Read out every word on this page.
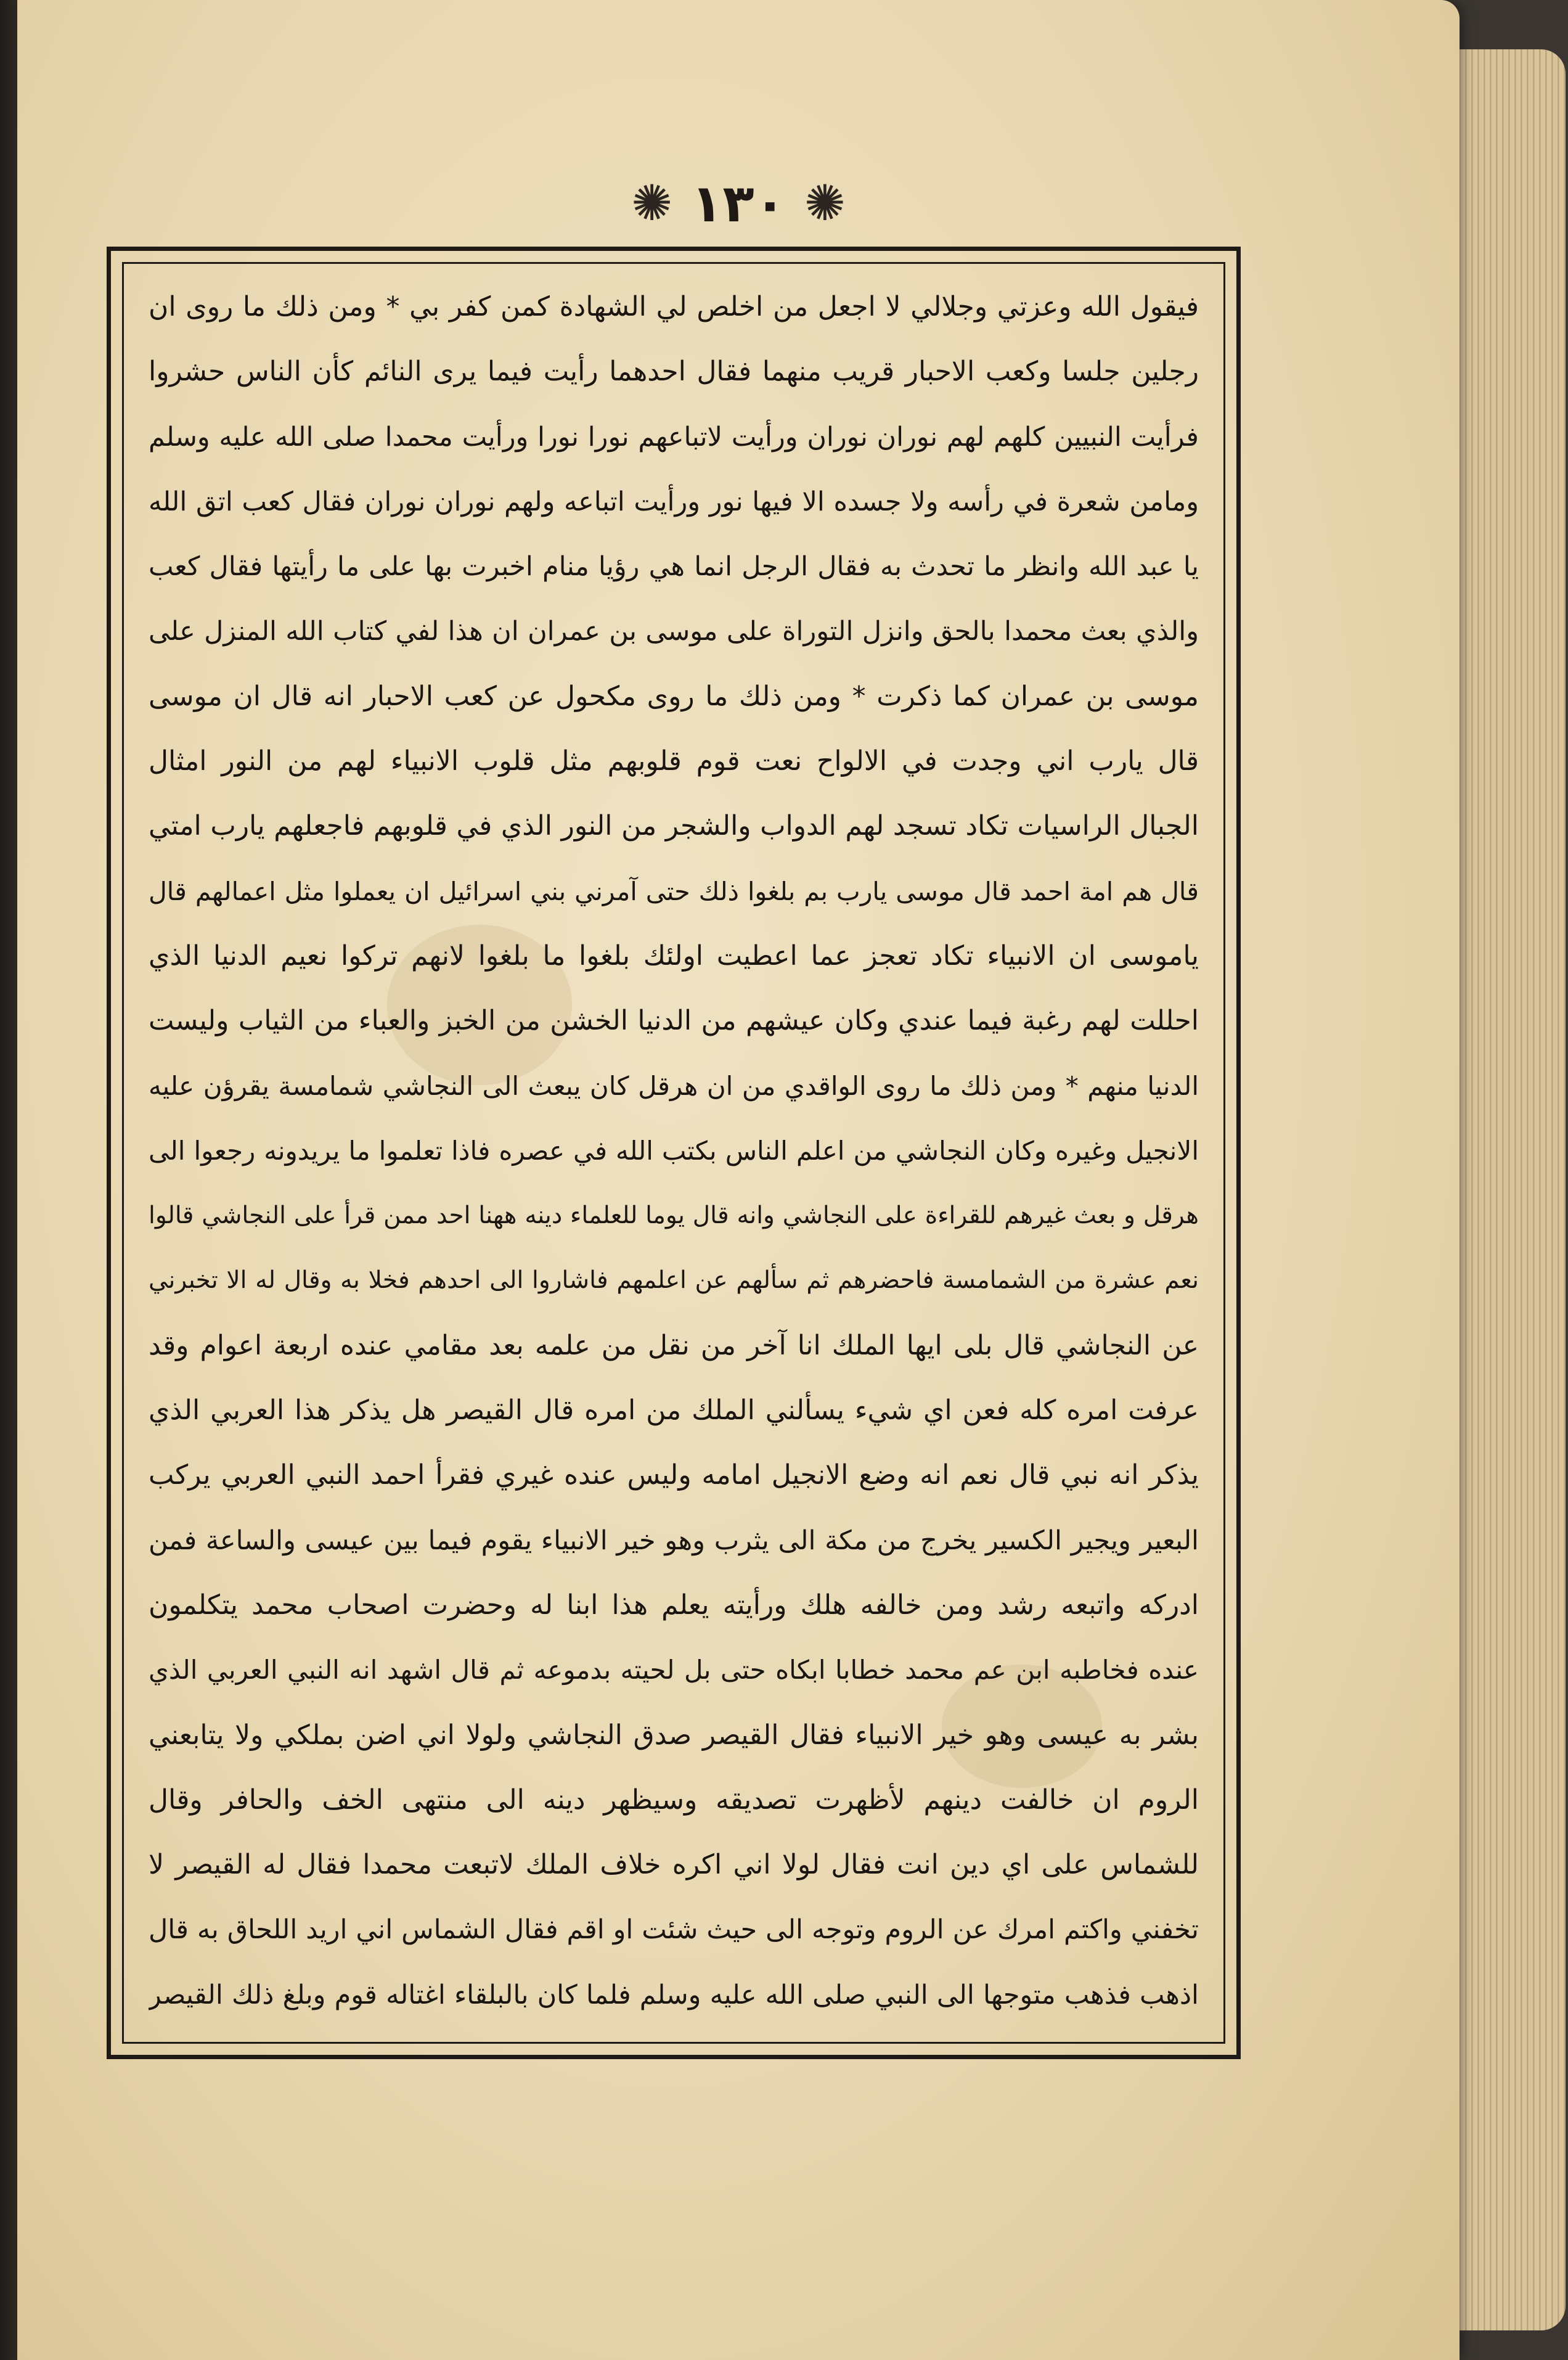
✺ ١٣٠ ✺
فيقول الله وعزتي وجلالي لا اجعل من اخلص لي الشهادة كمن كفر بي * ومن ذلك ما روى ان
رجلين جلسا وكعب الاحبار قريب منهما فقال احدهما رأيت فيما يرى النائم كأن الناس حشروا
فرأيت النبيين كلهم لهم نوران نوران ورأيت لاتباعهم نورا نورا ورأيت محمدا صلى الله عليه وسلم
ومامن شعرة في رأسه ولا جسده الا فيها نور ورأيت اتباعه ولهم نوران نوران فقال كعب اتق الله
يا عبد الله وانظر ما تحدث به فقال الرجل انما هي رؤيا منام اخبرت بها على ما رأيتها فقال كعب
والذي بعث محمدا بالحق وانزل التوراة على موسى بن عمران ان هذا لفي كتاب الله المنزل على
موسى بن عمران كما ذكرت * ومن ذلك ما روى مكحول عن كعب الاحبار انه قال ان موسى
قال يارب اني وجدت في الالواح نعت قوم قلوبهم مثل قلوب الانبياء لهم من النور امثال
الجبال الراسيات تكاد تسجد لهم الدواب والشجر من النور الذي في قلوبهم فاجعلهم يارب امتي
قال هم امة احمد قال موسى يارب بم بلغوا ذلك حتى آمرني بني اسرائيل ان يعملوا مثل اعمالهم قال
ياموسى ان الانبياء تكاد تعجز عما اعطيت اولئك بلغوا ما بلغوا لانهم تركوا نعيم الدنيا الذي
احللت لهم رغبة فيما عندي وكان عيشهم من الدنيا الخشن من الخبز والعباء من الثياب وليست
الدنيا منهم * ومن ذلك ما روى الواقدي من ان هرقل كان يبعث الى النجاشي شمامسة يقرؤن عليه
الانجيل وغيره وكان النجاشي من اعلم الناس بكتب الله في عصره فاذا تعلموا ما يريدونه رجعوا الى
هرقل و بعث غيرهم للقراءة على النجاشي وانه قال يوما للعلماء دينه ههنا احد ممن قرأ على النجاشي قالوا
نعم عشرة من الشمامسة فاحضرهم ثم سألهم عن اعلمهم فاشاروا الى احدهم فخلا به وقال له الا تخبرني
عن النجاشي قال بلى ايها الملك انا آخر من نقل من علمه بعد مقامي عنده اربعة اعوام وقد
عرفت امره كله فعن اي شيء يسألني الملك من امره قال القيصر هل يذكر هذا العربي الذي
يذكر انه نبي قال نعم انه وضع الانجيل امامه وليس عنده غيري فقرأ احمد النبي العربي يركب
البعير ويجير الكسير يخرج من مكة الى يثرب وهو خير الانبياء يقوم فيما بين عيسى والساعة فمن
ادركه واتبعه رشد ومن خالفه هلك ورأيته يعلم هذا ابنا له وحضرت اصحاب محمد يتكلمون
عنده فخاطبه ابن عم محمد خطابا ابكاه حتى بل لحيته بدموعه ثم قال اشهد انه النبي العربي الذي
بشر به عيسى وهو خير الانبياء فقال القيصر صدق النجاشي ولولا اني اضن بملكي ولا يتابعني
الروم ان خالفت دينهم لأظهرت تصديقه وسيظهر دينه الى منتهى الخف والحافر وقال
للشماس على اي دين انت فقال لولا اني اكره خلاف الملك لاتبعت محمدا فقال له القيصر لا
تخفني واكتم امرك عن الروم وتوجه الى حيث شئت او اقم فقال الشماس اني اريد اللحاق به قال
اذهب فذهب متوجها الى النبي صلى الله عليه وسلم فلما كان بالبلقاء اغتاله قوم وبلغ ذلك القيصر
